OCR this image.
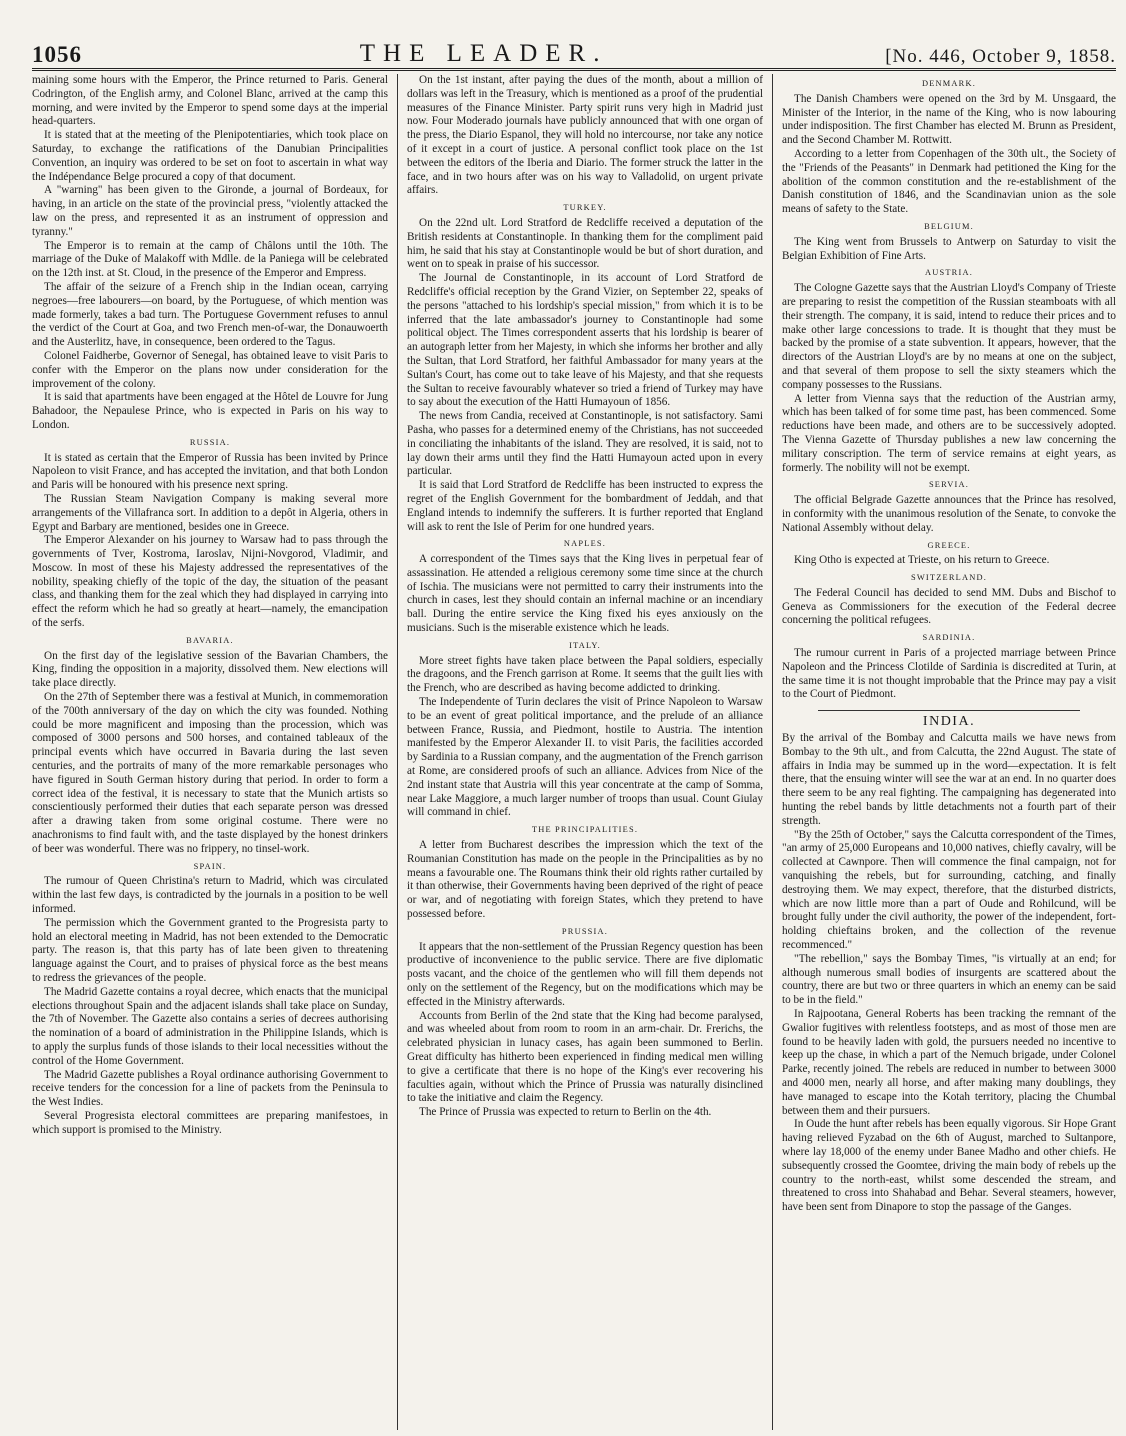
1056	THE LEADER.	[No. 446, October 9, 1858.

maining some hours with the Emperor, the Prince returned to Paris. General Codrington, of the English army, and Colonel Blanc, arrived at the camp this morning, and were invited by the Emperor to spend some days at the imperial head-quarters.

It is stated that at the meeting of the Plenipotentiaries, which took place on Saturday, to exchange the ratifications of the Danubian Principalities Convention, an inquiry was ordered to be set on foot to ascertain in what way the Indépendance Belge procured a copy of that document.

A "warning" has been given to the Gironde, a journal of Bordeaux, for having, in an article on the state of the provincial press, "violently attacked the law on the press, and represented it as an instrument of oppression and tyranny."

The Emperor is to remain at the camp of Châlons until the 10th. The marriage of the Duke of Malakoff with Mdlle. de la Paniega will be celebrated on the 12th inst. at St. Cloud, in the presence of the Emperor and Empress.

The affair of the seizure of a French ship in the Indian ocean, carrying negroes—free labourers—on board, by the Portuguese, of which mention was made formerly, takes a bad turn. The Portuguese Government refuses to annul the verdict of the Court at Goa, and two French men-of-war, the Donauwoerth and the Austerlitz, have, in consequence, been ordered to the Tagus.

Colonel Faidherbe, Governor of Senegal, has obtained leave to visit Paris to confer with the Emperor on the plans now under consideration for the improvement of the colony.

It is said that apartments have been engaged at the Hôtel de Louvre for Jung Bahadoor, the Nepaulese Prince, who is expected in Paris on his way to London.

RUSSIA.

It is stated as certain that the Emperor of Russia has been invited by Prince Napoleon to visit France, and has accepted the invitation, and that both London and Paris will be honoured with his presence next spring.

The Russian Steam Navigation Company is making several more arrangements of the Villafranca sort. In addition to a depôt in Algeria, others in Egypt and Barbary are mentioned, besides one in Greece.

The Emperor Alexander on his journey to Warsaw had to pass through the governments of Tver, Kostroma, Iaroslav, Nijni-Novgorod, Vladimir, and Moscow. In most of these his Majesty addressed the representatives of the nobility, speaking chiefly of the topic of the day, the situation of the peasant class, and thanking them for the zeal which they had displayed in carrying into effect the reform which he had so greatly at heart—namely, the emancipation of the serfs.

BAVARIA.

On the first day of the legislative session of the Bavarian Chambers, the King, finding the opposition in a majority, dissolved them. New elections will take place directly.

On the 27th of September there was a festival at Munich, in commemoration of the 700th anniversary of the day on which the city was founded. Nothing could be more magnificent and imposing than the procession, which was composed of 3000 persons and 500 horses, and contained tableaux of the principal events which have occurred in Bavaria during the last seven centuries, and the portraits of many of the more remarkable personages who have figured in South German history during that period. In order to form a correct idea of the festival, it is necessary to state that the Munich artists so conscientiously performed their duties that each separate person was dressed after a drawing taken from some original costume. There were no anachronisms to find fault with, and the taste displayed by the honest drinkers of beer was wonderful. There was no frippery, no tinsel-work.

SPAIN.

The rumour of Queen Christina's return to Madrid, which was circulated within the last few days, is contradicted by the journals in a position to be well informed.

The permission which the Government granted to the Progresista party to hold an electoral meeting in Madrid, has not been extended to the Democratic party. The reason is, that this party has of late been given to threatening language against the Court, and to praises of physical force as the best means to redress the grievances of the people.

The Madrid Gazette contains a royal decree, which enacts that the municipal elections throughout Spain and the adjacent islands shall take place on Sunday, the 7th of November. The Gazette also contains a series of decrees authorising the nomination of a board of administration in the Philippine Islands, which is to apply the surplus funds of those islands to their local necessities without the control of the Home Government.

The Madrid Gazette publishes a Royal ordinance authorising Government to receive tenders for the concession for a line of packets from the Peninsula to the West Indies.

Several Progresista electoral committees are preparing manifestoes, in which support is promised to the Ministry.

On the 1st instant, after paying the dues of the month, about a million of dollars was left in the Treasury, which is mentioned as a proof of the prudential measures of the Finance Minister. Party spirit runs very high in Madrid just now. Four Moderado journals have publicly announced that with one organ of the press, the Diario Espanol, they will hold no intercourse, nor take any notice of it except in a court of justice. A personal conflict took place on the 1st between the editors of the Iberia and Diario. The former struck the latter in the face, and in two hours after was on his way to Valladolid, on urgent private affairs.

TURKEY.

On the 22nd ult. Lord Stratford de Redcliffe received a deputation of the British residents at Constantinople. In thanking them for the compliment paid him, he said that his stay at Constantinople would be but of short duration, and went on to speak in praise of his successor.

The Journal de Constantinople, in its account of Lord Stratford de Redcliffe's official reception by the Grand Vizier, on September 22, speaks of the persons "attached to his lordship's special mission," from which it is to be inferred that the late ambassador's journey to Constantinople had some political object. The Times correspondent asserts that his lordship is bearer of an autograph letter from her Majesty, in which she informs her brother and ally the Sultan, that Lord Stratford, her faithful Ambassador for many years at the Sultan's Court, has come out to take leave of his Majesty, and that she requests the Sultan to receive favourably whatever so tried a friend of Turkey may have to say about the execution of the Hatti Humayoun of 1856.

The news from Candia, received at Constantinople, is not satisfactory. Sami Pasha, who passes for a determined enemy of the Christians, has not succeeded in conciliating the inhabitants of the island. They are resolved, it is said, not to lay down their arms until they find the Hatti Humayoun acted upon in every particular.

It is said that Lord Stratford de Redcliffe has been instructed to express the regret of the English Government for the bombardment of Jeddah, and that England intends to indemnify the sufferers. It is further reported that England will ask to rent the Isle of Perim for one hundred years.

NAPLES.

A correspondent of the Times says that the King lives in perpetual fear of assassination. He attended a religious ceremony some time since at the church of Ischia. The musicians were not permitted to carry their instruments into the church in cases, lest they should contain an infernal machine or an incendiary ball. During the entire service the King fixed his eyes anxiously on the musicians. Such is the miserable existence which he leads.

ITALY.

More street fights have taken place between the Papal soldiers, especially the dragoons, and the French garrison at Rome. It seems that the guilt lies with the French, who are described as having become addicted to drinking.

The Independente of Turin declares the visit of Prince Napoleon to Warsaw to be an event of great political importance, and the prelude of an alliance between France, Russia, and Piedmont, hostile to Austria. The intention manifested by the Emperor Alexander II. to visit Paris, the facilities accorded by Sardinia to a Russian company, and the augmentation of the French garrison at Rome, are considered proofs of such an alliance. Advices from Nice of the 2nd instant state that Austria will this year concentrate at the camp of Somma, near Lake Maggiore, a much larger number of troops than usual. Count Giulay will command in chief.

THE PRINCIPALITIES.

A letter from Bucharest describes the impression which the text of the Roumanian Constitution has made on the people in the Principalities as by no means a favourable one. The Roumans think their old rights rather curtailed by it than otherwise, their Governments having been deprived of the right of peace or war, and of negotiating with foreign States, which they pretend to have possessed before.

PRUSSIA.

It appears that the non-settlement of the Prussian Regency question has been productive of inconvenience to the public service. There are five diplomatic posts vacant, and the choice of the gentlemen who will fill them depends not only on the settlement of the Regency, but on the modifications which may be effected in the Ministry afterwards.

Accounts from Berlin of the 2nd state that the King had become paralysed, and was wheeled about from room to room in an arm-chair. Dr. Frerichs, the celebrated physician in lunacy cases, has again been summoned to Berlin. Great difficulty has hitherto been experienced in finding medical men willing to give a certificate that there is no hope of the King's ever recovering his faculties again, without which the Prince of Prussia was naturally disinclined to take the initiative and claim the Regency.

The Prince of Prussia was expected to return to Berlin on the 4th.

DENMARK.

The Danish Chambers were opened on the 3rd by M. Unsgaard, the Minister of the Interior, in the name of the King, who is now labouring under indisposition. The first Chamber has elected M. Brunn as President, and the Second Chamber M. Rottwitt.

According to a letter from Copenhagen of the 30th ult., the Society of the "Friends of the Peasants" in Denmark had petitioned the King for the abolition of the common constitution and the re-establishment of the Danish constitution of 1846, and the Scandinavian union as the sole means of safety to the State.

BELGIUM.

The King went from Brussels to Antwerp on Saturday to visit the Belgian Exhibition of Fine Arts.

AUSTRIA.

The Cologne Gazette says that the Austrian Lloyd's Company of Trieste are preparing to resist the competition of the Russian steamboats with all their strength. The company, it is said, intend to reduce their prices and to make other large concessions to trade. It is thought that they must be backed by the promise of a state subvention. It appears, however, that the directors of the Austrian Lloyd's are by no means at one on the subject, and that several of them propose to sell the sixty steamers which the company possesses to the Russians.

A letter from Vienna says that the reduction of the Austrian army, which has been talked of for some time past, has been commenced. Some reductions have been made, and others are to be successively adopted. The Vienna Gazette of Thursday publishes a new law concerning the military conscription. The term of service remains at eight years, as formerly. The nobility will not be exempt.

SERVIA.

The official Belgrade Gazette announces that the Prince has resolved, in conformity with the unanimous resolution of the Senate, to convoke the National Assembly without delay.

GREECE.

King Otho is expected at Trieste, on his return to Greece.

SWITZERLAND.

The Federal Council has decided to send MM. Dubs and Bischof to Geneva as Commissioners for the execution of the Federal decree concerning the political refugees.

SARDINIA.

The rumour current in Paris of a projected marriage between Prince Napoleon and the Princess Clotilde of Sardinia is discredited at Turin, at the same time it is not thought improbable that the Prince may pay a visit to the Court of Piedmont.

INDIA.

By the arrival of the Bombay and Calcutta mails we have news from Bombay to the 9th ult., and from Calcutta, the 22nd August. The state of affairs in India may be summed up in the word—expectation. It is felt there, that the ensuing winter will see the war at an end. In no quarter does there seem to be any real fighting. The campaigning has degenerated into hunting the rebel bands by little detachments not a fourth part of their strength.

"By the 25th of October," says the Calcutta correspondent of the Times, "an army of 25,000 Europeans and 10,000 natives, chiefly cavalry, will be collected at Cawnpore. Then will commence the final campaign, not for vanquishing the rebels, but for surrounding, catching, and finally destroying them. We may expect, therefore, that the disturbed districts, which are now little more than a part of Oude and Rohilcund, will be brought fully under the civil authority, the power of the independent, fort-holding chieftains broken, and the collection of the revenue recommenced."

"The rebellion," says the Bombay Times, "is virtually at an end; for although numerous small bodies of insurgents are scattered about the country, there are but two or three quarters in which an enemy can be said to be in the field."

In Rajpootana, General Roberts has been tracking the remnant of the Gwalior fugitives with relentless footsteps, and as most of those men are found to be heavily laden with gold, the pursuers needed no incentive to keep up the chase, in which a part of the Nemuch brigade, under Colonel Parke, recently joined. The rebels are reduced in number to between 3000 and 4000 men, nearly all horse, and after making many doublings, they have managed to escape into the Kotah territory, placing the Chumbal between them and their pursuers.

In Oude the hunt after rebels has been equally vigorous. Sir Hope Grant having relieved Fyzabad on the 6th of August, marched to Sultanpore, where lay 18,000 of the enemy under Banee Madho and other chiefs. He subsequently crossed the Goomtee, driving the main body of rebels up the country to the north-east, whilst some descended the stream, and threatened to cross into Shahabad and Behar. Several steamers, however, have been sent from Dinapore to stop the passage of the Ganges.
